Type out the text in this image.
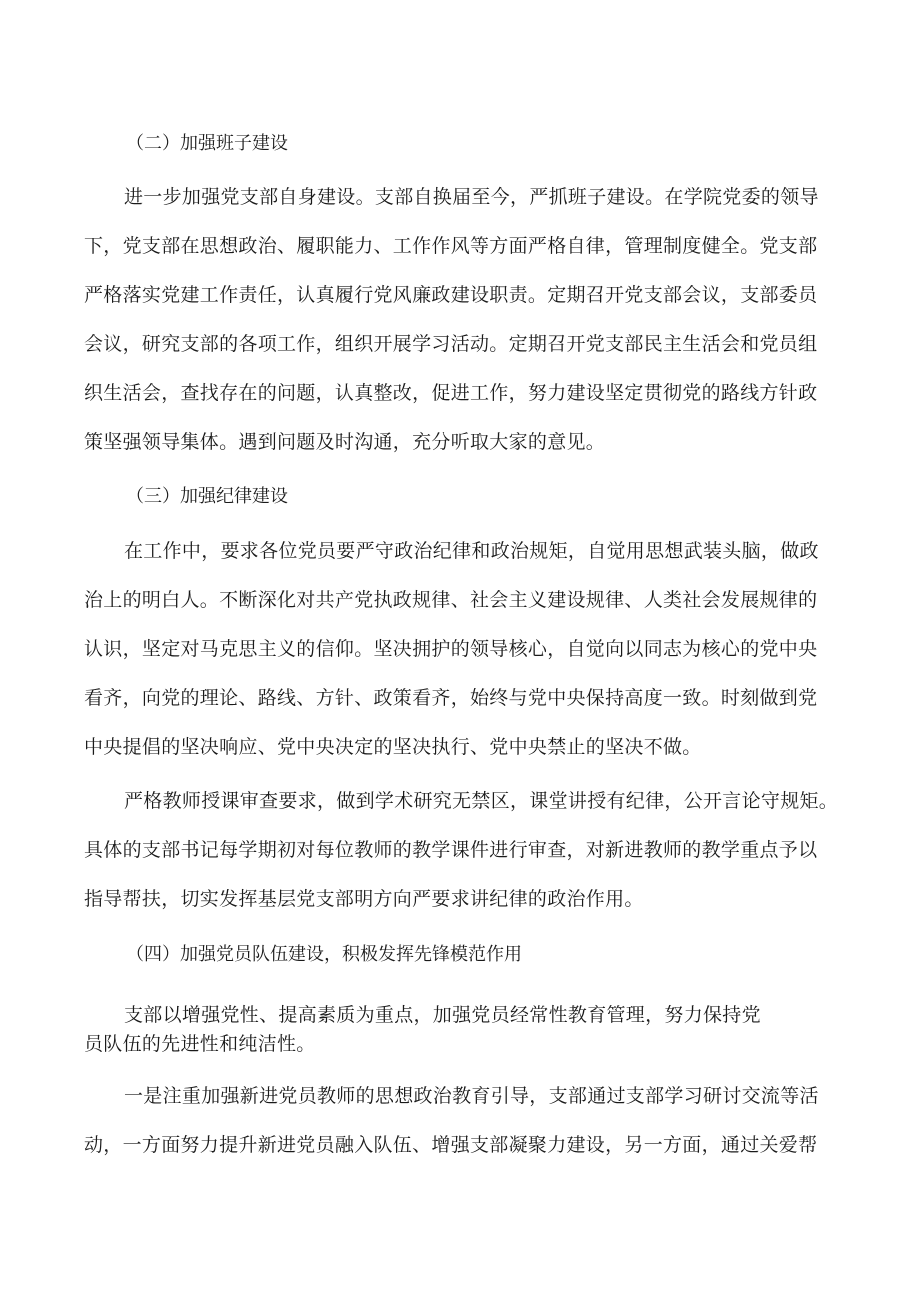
（二）加强班子建设
进一步加强党支部自身建设。支部自换届至今，严抓班子建设。在学院党委的领导
下，党支部在思想政治、履职能力、工作作风等方面严格自律，管理制度健全。党支部
严格落实党建工作责任，认真履行党风廉政建设职责。定期召开党支部会议，支部委员
会议，研究支部的各项工作，组织开展学习活动。定期召开党支部民主生活会和党员组
织生活会，查找存在的问题，认真整改，促进工作，努力建设坚定贯彻党的路线方针政
策坚强领导集体。遇到问题及时沟通，充分听取大家的意见。
（三）加强纪律建设
在工作中，要求各位党员要严守政治纪律和政治规矩，自觉用思想武装头脑，做政
治上的明白人。不断深化对共产党执政规律、社会主义建设规律、人类社会发展规律的
认识，坚定对马克思主义的信仰。坚决拥护的领导核心，自觉向以同志为核心的党中央
看齐，向党的理论、路线、方针、政策看齐，始终与党中央保持高度一致。时刻做到党
中央提倡的坚决响应、党中央决定的坚决执行、党中央禁止的坚决不做。
严格教师授课审查要求，做到学术研究无禁区，课堂讲授有纪律，公开言论守规矩。
具体的支部书记每学期初对每位教师的教学课件进行审查，对新进教师的教学重点予以
指导帮扶，切实发挥基层党支部明方向严要求讲纪律的政治作用。
（四）加强党员队伍建设，积极发挥先锋模范作用
支部以增强党性、提高素质为重点，加强党员经常性教育管理，努力保持党
员队伍的先进性和纯洁性。
一是注重加强新进党员教师的思想政治教育引导，支部通过支部学习研讨交流等活
动，一方面努力提升新进党员融入队伍、增强支部凝聚力建设，另一方面，通过关爱帮
